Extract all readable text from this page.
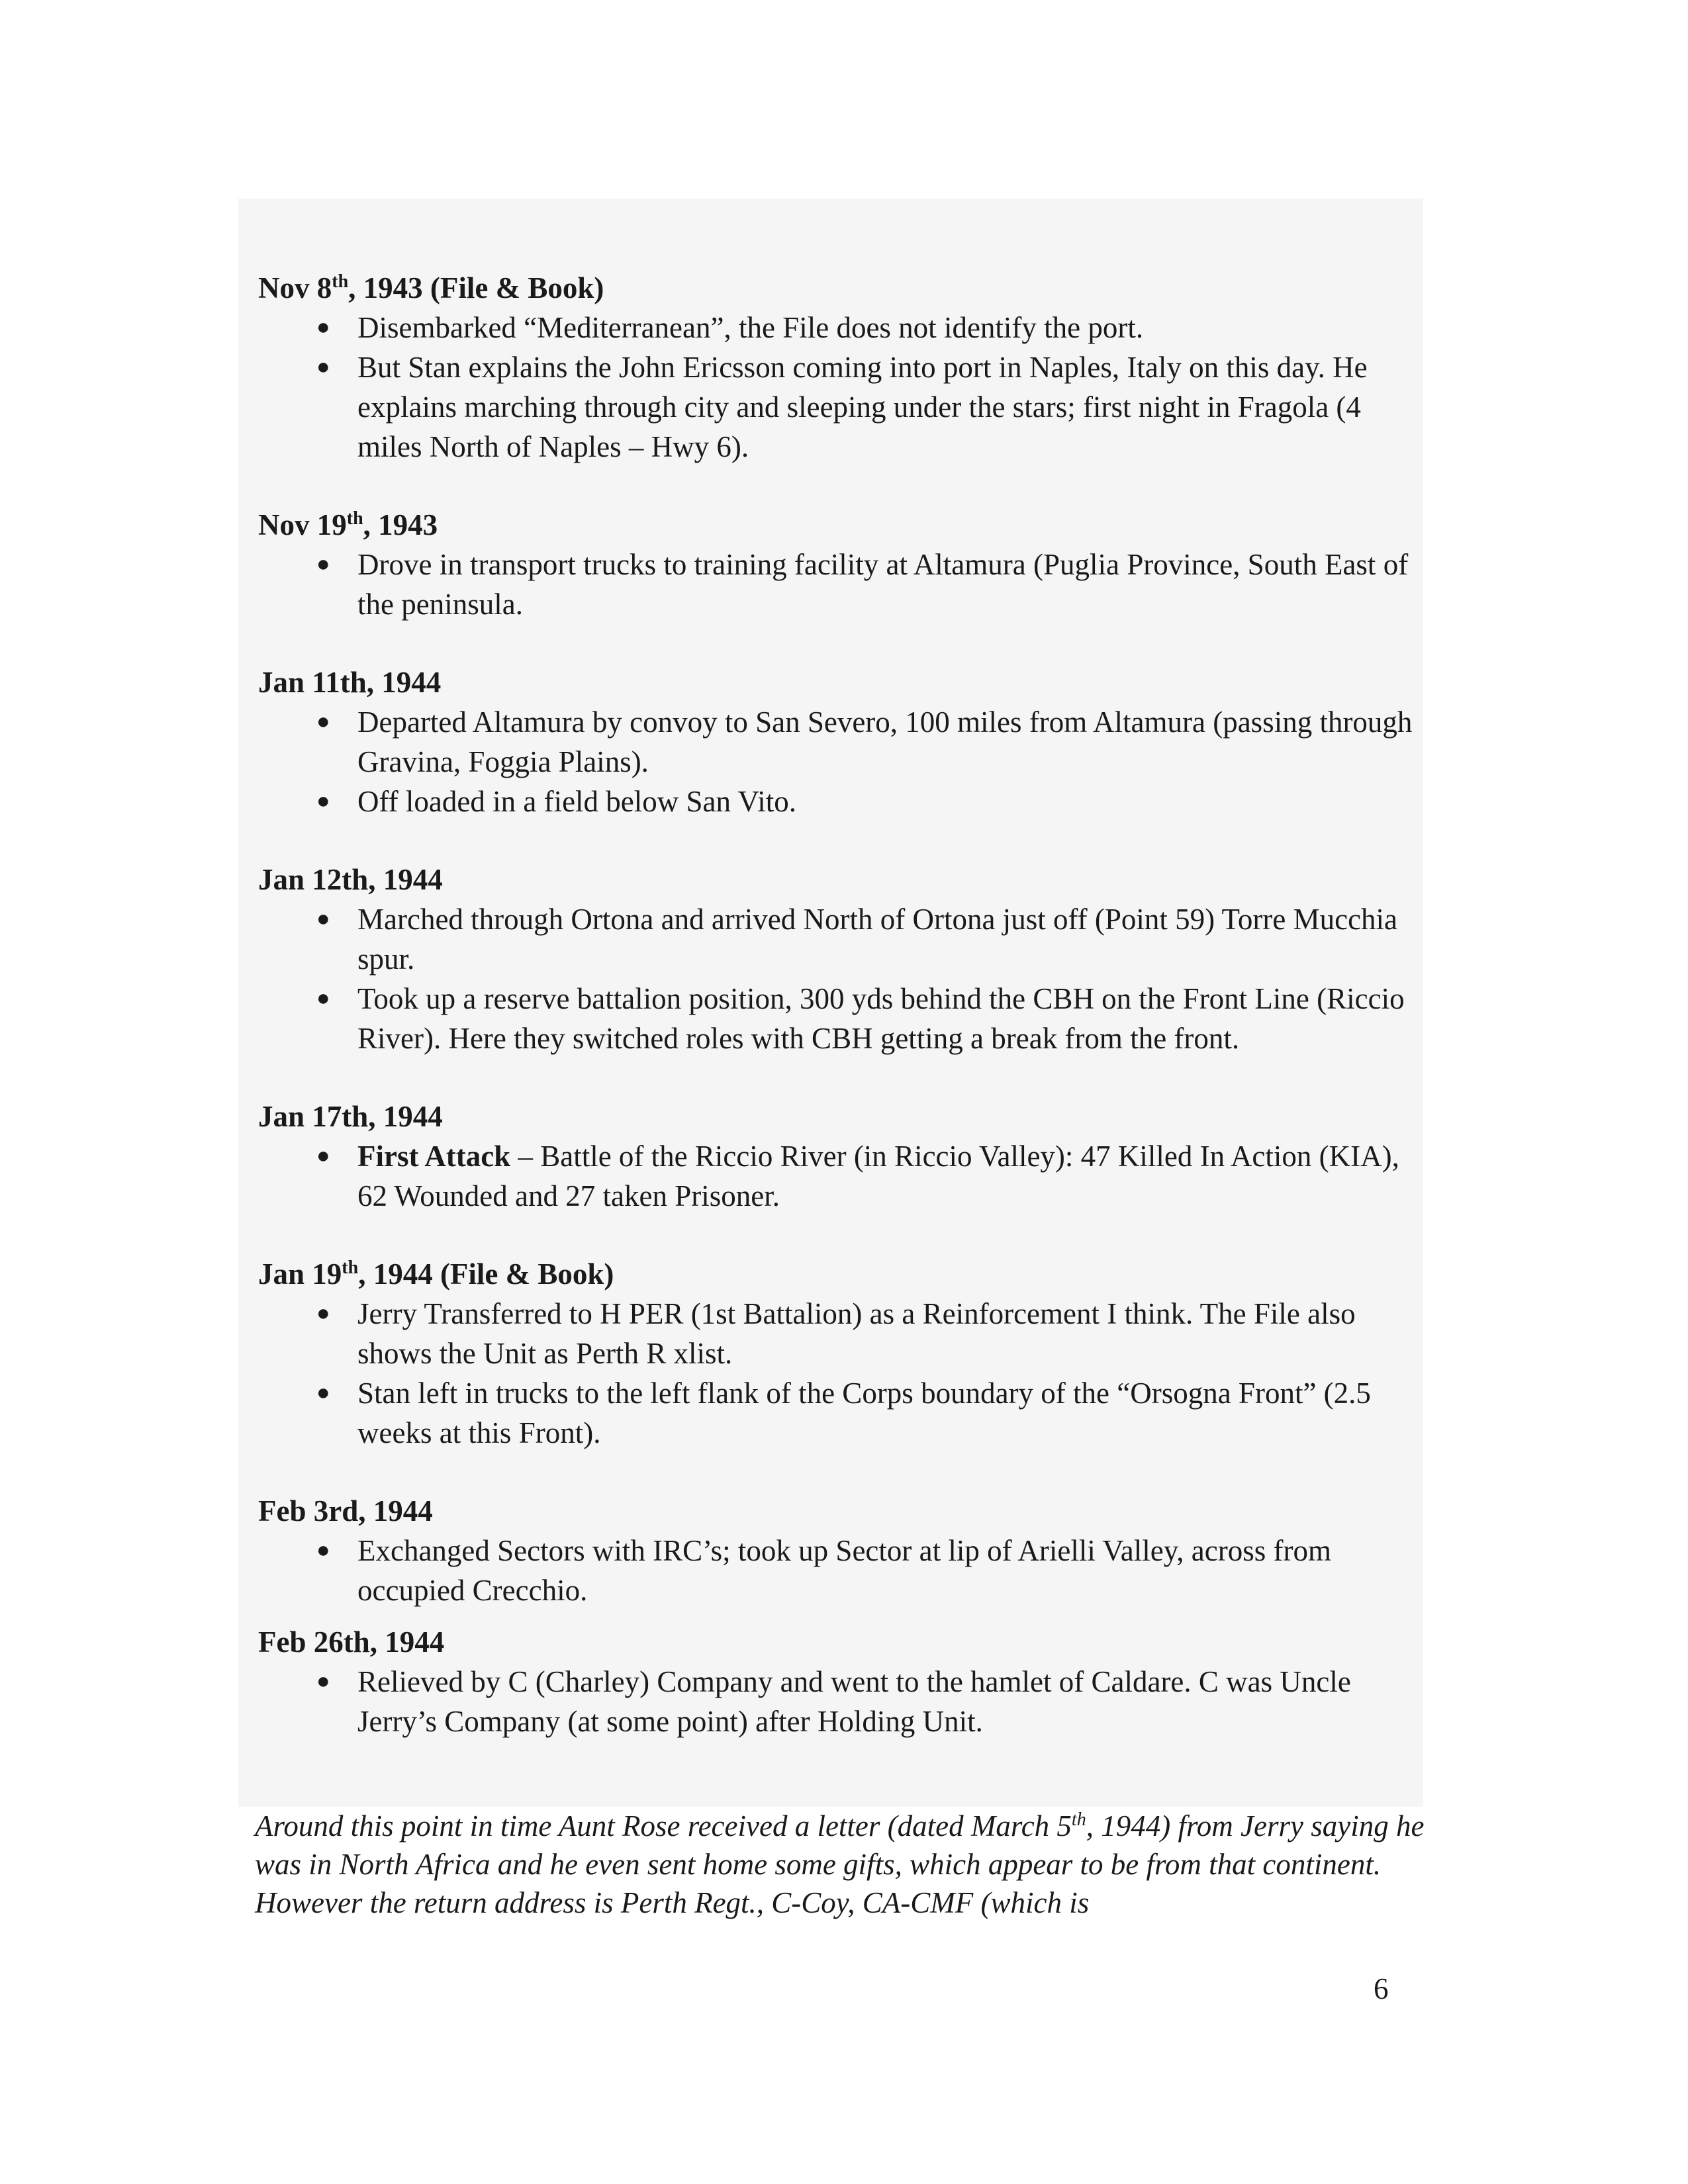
Nov 8th, 1943 (File & Book)

● Disembarked “Mediterranean”, the File does not identify the port.
● But Stan explains the John Ericsson coming into port in Naples, Italy on this day. He explains marching through city and sleeping under the stars; first night in Fragola (4 miles North of Naples – Hwy 6).

Nov 19th, 1943

● Drove in transport trucks to training facility at Altamura (Puglia Province, South East of the peninsula.

Jan 11th, 1944

● Departed Altamura by convoy to San Severo, 100 miles from Altamura (passing through Gravina, Foggia Plains).
● Off loaded in a field below San Vito.

Jan 12th, 1944

● Marched through Ortona and arrived North of Ortona just off (Point 59) Torre Mucchia spur.
● Took up a reserve battalion position, 300 yds behind the CBH on the Front Line (Riccio River). Here they switched roles with CBH getting a break from the front.

Jan 17th, 1944

● First Attack – Battle of the Riccio River (in Riccio Valley): 47 Killed In Action (KIA), 62 Wounded and 27 taken Prisoner.

Jan 19th, 1944 (File & Book)

● Jerry Transferred to H PER (1st Battalion) as a Reinforcement I think. The File also shows the Unit as Perth R xlist.
● Stan left in trucks to the left flank of the Corps boundary of the “Orsogna Front” (2.5 weeks at this Front).

Feb 3rd, 1944

● Exchanged Sectors with IRC’s; took up Sector at lip of Arielli Valley, across from occupied Crecchio.

Feb 26th, 1944

● Relieved by C (Charley) Company and went to the hamlet of Caldare. C was Uncle Jerry’s Company (at some point) after Holding Unit.

Around this point in time Aunt Rose received a letter (dated March 5th, 1944) from Jerry saying he was in North Africa and he even sent home some gifts, which appear to be from that continent. However the return address is Perth Regt., C-Coy, CA-CMF (which is

6
